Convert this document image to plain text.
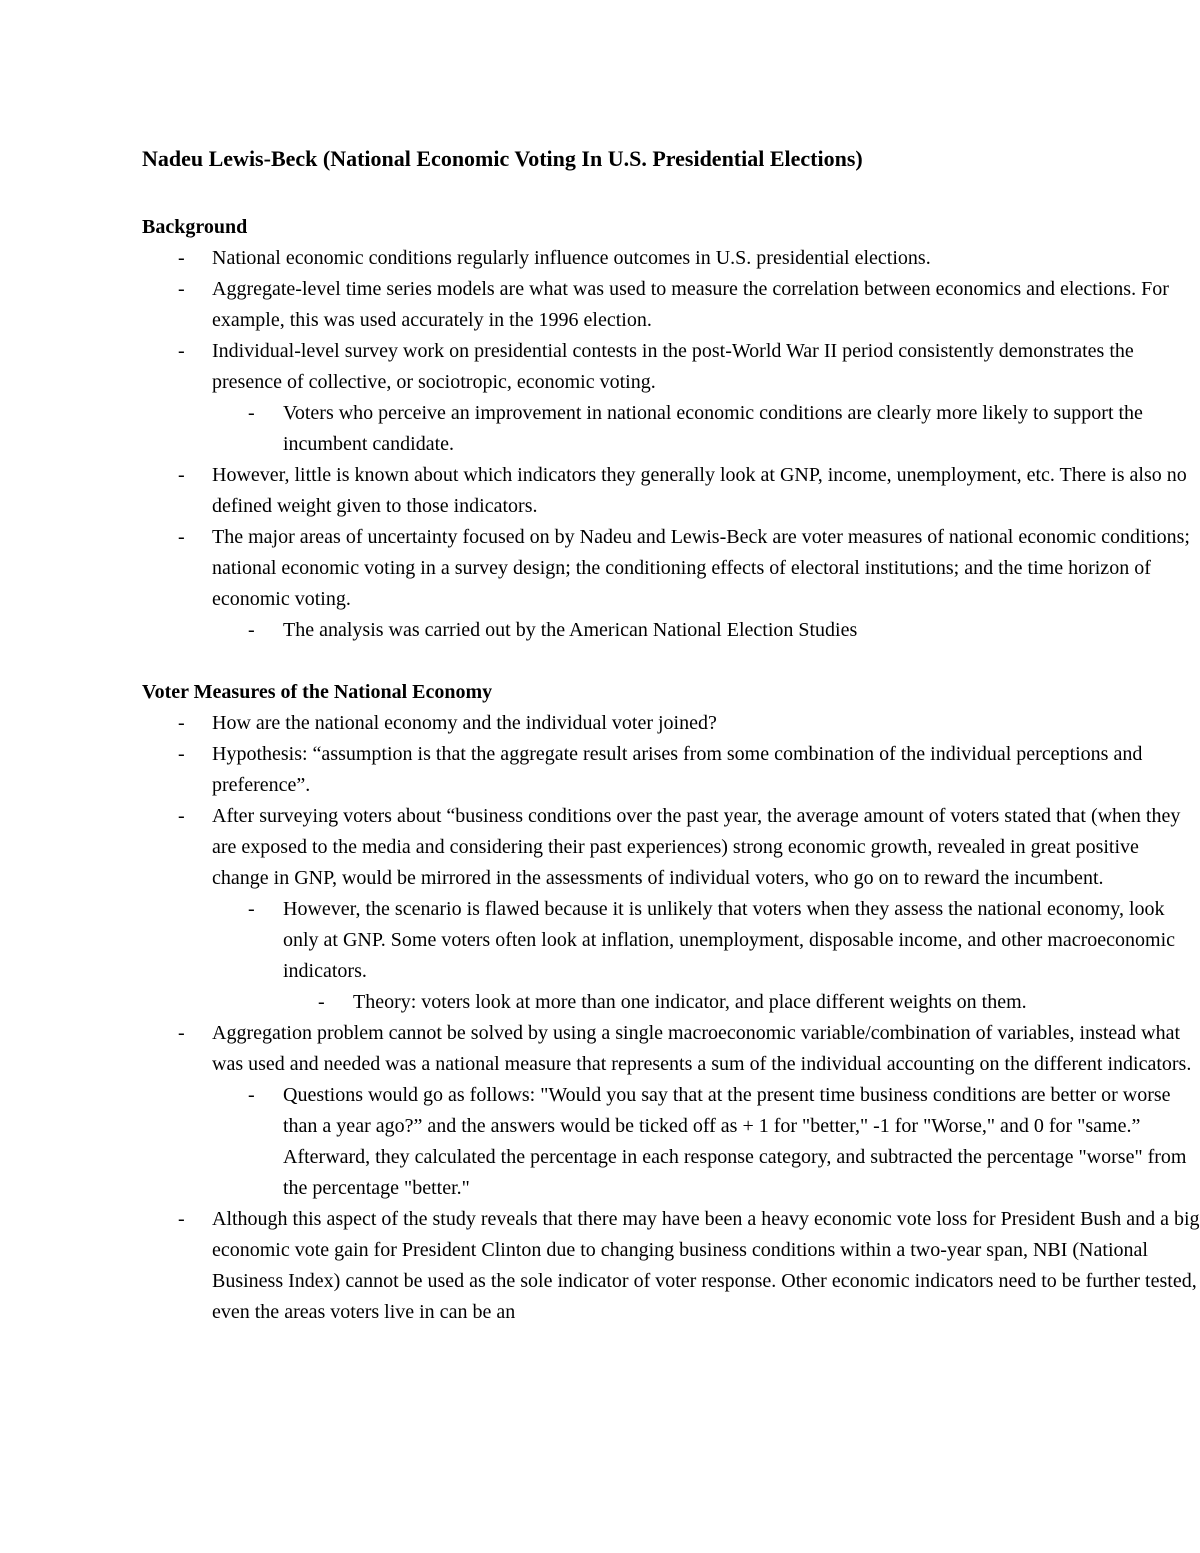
Nadeu Lewis-Beck (National Economic Voting In U.S. Presidential Elections)
Background
-	National economic conditions regularly influence outcomes in U.S. presidential elections.
-	Aggregate-level time series models are what was used to measure the correlation between economics and elections. For example, this was used accurately in the 1996 election.
-	Individual-level survey work on presidential contests in the post-World War II period consistently demonstrates the presence of collective, or sociotropic, economic voting.
-	Voters who perceive an improvement in national economic conditions are clearly more likely to support the incumbent candidate.
-	However, little is known about which indicators they generally look at GNP, income, unemployment, etc. There is also no defined weight given to those indicators.
-	The major areas of uncertainty focused on by Nadeu and Lewis-Beck are voter measures of national economic conditions; national economic voting in a survey design; the conditioning effects of electoral institutions; and the time horizon of economic voting.
-	The analysis was carried out by the American National Election Studies
Voter Measures of the National Economy
-	How are the national economy and the individual voter joined?
-	Hypothesis: “assumption is that the aggregate result arises from some combination of the individual perceptions and preference”.
-	After surveying voters about “business conditions over the past year, the average amount of voters stated that (when they are exposed to the media and considering their past experiences) strong economic growth, revealed in great positive change in GNP, would be mirrored in the assessments of individual voters, who go on to reward the incumbent.
-	However, the scenario is flawed because it is unlikely that voters when they assess the national economy, look only at GNP. Some voters often look at inflation, unemployment, disposable income, and other macroeconomic indicators.
-	Theory: voters look at more than one indicator, and place different weights on them.
-	Aggregation problem cannot be solved by using a single macroeconomic variable/combination of variables, instead what was used and needed was a national measure that represents a sum of the individual accounting on the different indicators.
-	Questions would go as follows: "Would you say that at the present time business conditions are better or worse than a year ago?” and the answers would be ticked off as + 1 for "better," -1 for "Worse," and 0 for "same.” Afterward, they calculated the percentage in each response category, and subtracted the percentage "worse" from the percentage "better."
-	Although this aspect of the study reveals that there may have been a heavy economic vote loss for President Bush and a big economic vote gain for President Clinton due to changing business conditions within a two-year span, NBI (National Business Index) cannot be used as the sole indicator of voter response. Other economic indicators need to be further tested, even the areas voters live in can be an
